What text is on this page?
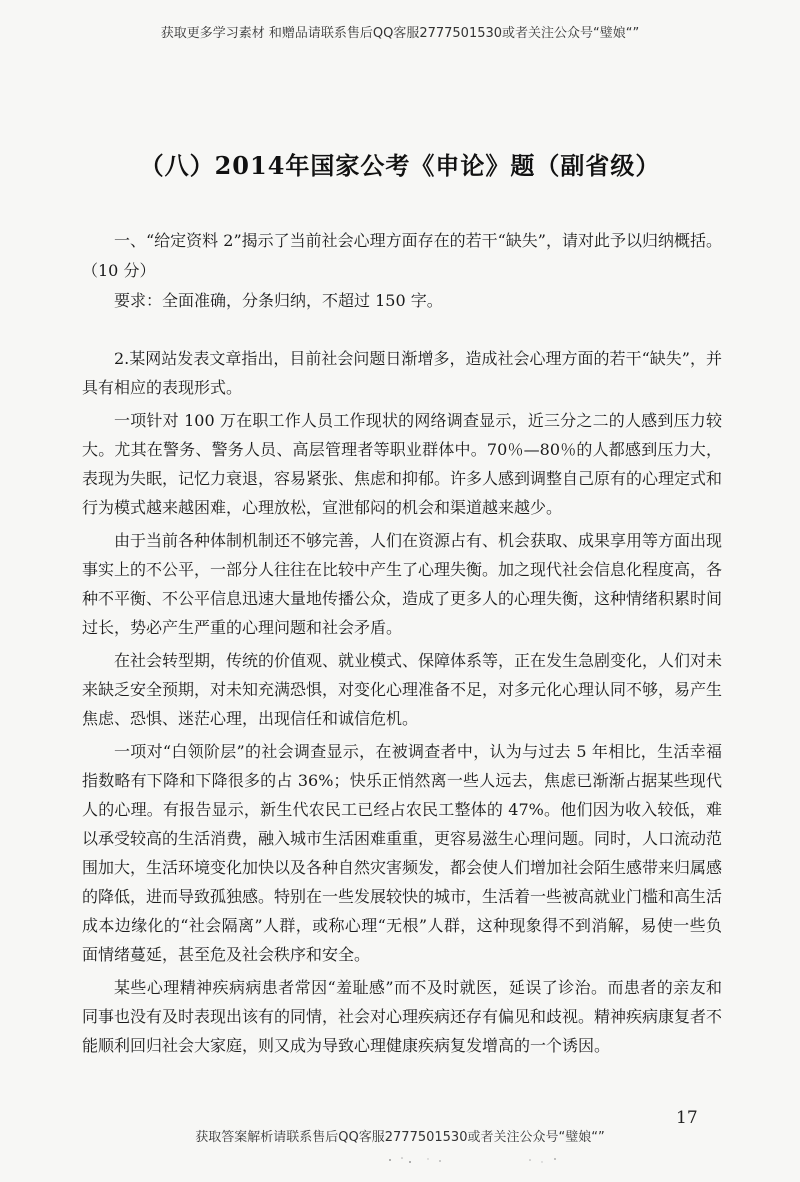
获取更多学习素材 和赠品请联系售后QQ客服2777501530或者关注公众号“璧娘“”
（八）2014年国家公考《申论》题（副省级）

一、“给定资料 2”揭示了当前社会心理方面存在的若干“缺失”，请对此予以归纳概括。（10 分）

要求：全面准确，分条归纳，不超过 150 字。

2.某网站发表文章指出，目前社会问题日渐增多，造成社会心理方面的若干“缺失”，并具有相应的表现形式。

一项针对 100 万在职工作人员工作现状的网络调查显示，近三分之二的人感到压力较大。尤其在警务、警务人员、高层管理者等职业群体中。70％—80％的人都感到压力大，表现为失眠，记忆力衰退，容易紧张、焦虑和抑郁。许多人感到调整自己原有的心理定式和行为模式越来越困难，心理放松，宣泄郁闷的机会和渠道越来越少。

由于当前各种体制机制还不够完善，人们在资源占有、机会获取、成果享用等方面出现事实上的不公平，一部分人往往在比较中产生了心理失衡。加之现代社会信息化程度高，各种不平衡、不公平信息迅速大量地传播公众，造成了更多人的心理失衡，这种情绪积累时间过长，势必产生严重的心理问题和社会矛盾。

在社会转型期，传统的价值观、就业模式、保障体系等，正在发生急剧变化，人们对未来缺乏安全预期，对未知充满恐惧，对变化心理准备不足，对多元化心理认同不够，易产生焦虑、恐惧、迷茫心理，出现信任和诚信危机。

一项对“白领阶层”的社会调查显示，在被调查者中，认为与过去 5 年相比，生活幸福指数略有下降和下降很多的占 36%；快乐正悄然离一些人远去，焦虑已渐渐占据某些现代人的心理。有报告显示，新生代农民工已经占农民工整体的 47%。他们因为收入较低，难以承受较高的生活消费，融入城市生活困难重重，更容易滋生心理问题。同时，人口流动范围加大，生活环境变化加快以及各种自然灾害频发，都会使人们增加社会陌生感带来归属感的降低，进而导致孤独感。特别在一些发展较快的城市，生活着一些被高就业门槛和高生活成本边缘化的“社会隔离”人群，或称心理“无根”人群，这种现象得不到消解，易使一些负面情绪蔓延，甚至危及社会秩序和安全。

某些心理精神疾病病患者常因“羞耻感”而不及时就医，延误了诊治。而患者的亲友和同事也没有及时表现出该有的同情，社会对心理疾病还存有偏见和歧视。精神疾病康复者不能顺利回归社会大家庭，则又成为导致心理健康疾病复发增高的一个诱因。

17
获取答案解析请联系售后QQ客服2777501530或者关注公众号“璧娘“”
